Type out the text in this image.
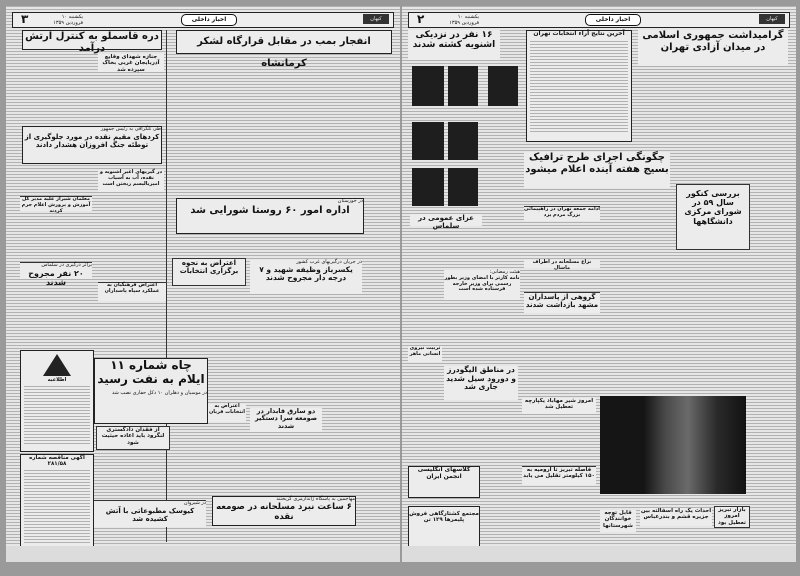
۳	یکشنبه ۱۰ فروردین ۱۳۵۹	اخبار داخلی	کیهان
دره قاسملو به کنترل ارتش درآمد
انفجار بمب در مقابل قرارگاه لشکر کرمانشاه
جنازه شهدای وقایع آذربایجان غربی بخاک سپرده شد
طی تلگرافی به رئیس جمهور
کردهای مقیم نقده در مورد جلوگیری از توطئه جنگ افروزان هشدار دادند
در گیریهای اغیر اشنویه و نقده، آب به آسیاب امپریالیسم ریختن است
معلمان شیراز علیه مدیر کل آموزش و پرورش اعلام جرم کردند
براثر درگیری در سلماس
۲۰ نفر مجروح شدند
در خوزستان
اداره امور ۶۰ روستا شورایی شد
اعتراض به نحوه برگزاری انتخابات
در جریان درگیریهای غرب کشور
یکسرباز وظیفه شهید و ۷ درجه دار مجروح شدند
اعتراض فرهنگیان به عملکرد سپاه پاسداران
اطلاعیه
آگهی مناقصه شماره ۲۸۱/۵۸
چاه شماره ۱۱ ایلام به نفت رسید
در موسیان و دهلران ۱۰ دکل حفاری نصب شد
از فقدان دادگستری لنگرود باید اعاده حیثیت شود
اعتراض به انتخابات قربان	دو سارق قابدار در صومعه سرا دستگیر شدند
در شیروان
کیوسک مطبوعاتی با آتش کشیده شد
مهاجمین به پاسگاه ژاندارمری گریختند
۶ ساعت نبرد مسلحانه در صومعه نقده
۲	یکشنبه ۱۰ فروردین ۱۳۵۹	اخبار داخلی	کیهان
۱۶ نفر در نزدیکی اشنویه کشته شدند
عزای عمومی در سلماس
آخرین نتایج آراء انتخابات تهران	گرامیداشت جمهوری اسلامی در میدان آزادی تهران
چگونگی اجرای طرح ترافیک بسیج هفته آینده اعلام میشود
بررسی کنکور سال ۵۹ در شورای مرکزی دانشگاهها
ادامه جمعه تهران در راهپیمائی بزرگ مردم یزد
نزاع مسلحانه در اطراف ماسال
گروهی از پاسداران مشهد بازداشت شدند
هیئت رمضانی:
نامه کارتر با امضای وزیر بطور رسمی برای وزیر خارجه فرستاده شده است
تربیت نیروی انسانی ماهر
در مناطق الیگودرز و دورود سیل شدید جاری شد
امروز شیر مهاباد یکپارچه تعطیل شد
فاصله تبریز تا ارومیه به ۱۵۰ کیلومتر تقلیل می یابد
کلاسهای انگلیسی انجمن ایران
مجتمع کشتارگاهی فروش پلیمرها ۱۲۹ تن
قابل توجه خوانندگان شهرستانها
احداث یک راه اسفالته بین جزیره قشم و بندرعباس
بازار تبریز امروز تعطیل بود
